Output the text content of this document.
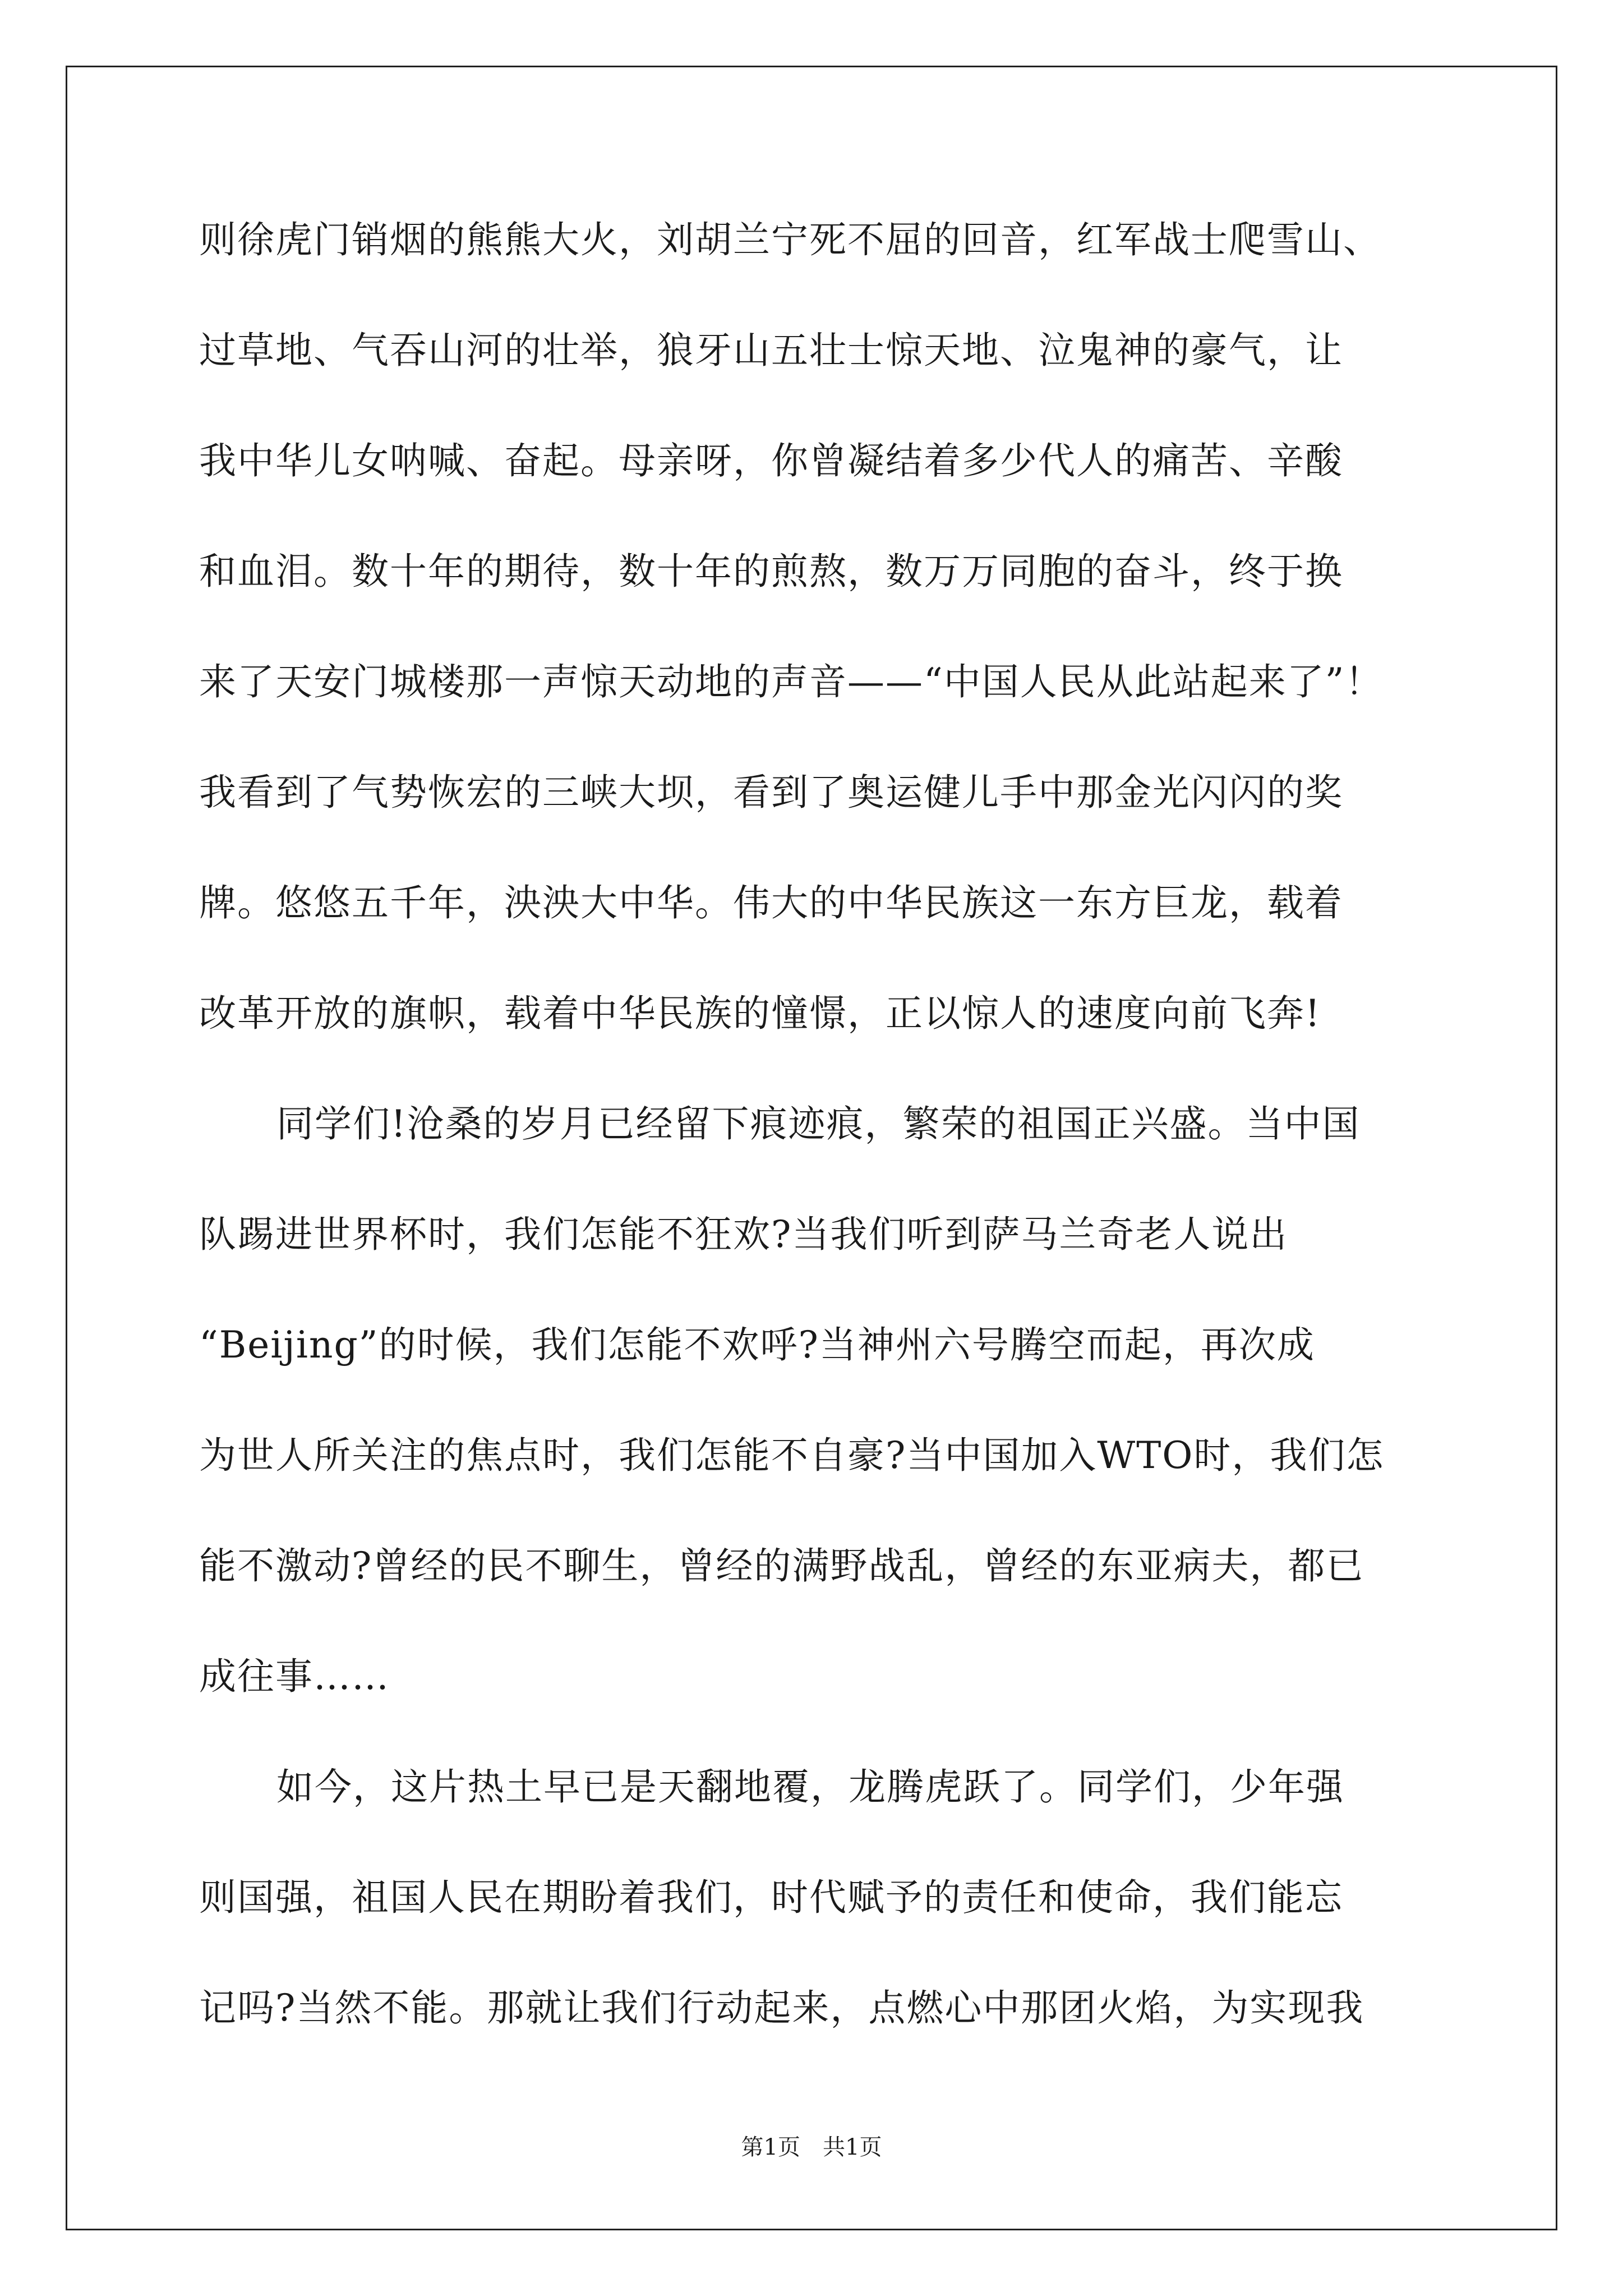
则徐虎门销烟的熊熊大火，刘胡兰宁死不屈的回音，红军战士爬雪山、
过草地、气吞山河的壮举，狼牙山五壮士惊天地、泣鬼神的豪气，让
我中华儿女呐喊、奋起。母亲呀，你曾凝结着多少代人的痛苦、辛酸
和血泪。数十年的期待，数十年的煎熬，数万万同胞的奋斗，终于换
来了天安门城楼那一声惊天动地的声音——“中国人民从此站起来了”！
我看到了气势恢宏的三峡大坝，看到了奥运健儿手中那金光闪闪的奖
牌。悠悠五千年，泱泱大中华。伟大的中华民族这一东方巨龙，载着
改革开放的旗帜，载着中华民族的憧憬，正以惊人的速度向前飞奔!
　同学们!沧桑的岁月已经留下痕迹痕，繁荣的祖国正兴盛。当中国
队踢进世界杯时，我们怎能不狂欢?当我们听到萨马兰奇老人说出
“Beijing”的时候，我们怎能不欢呼?当神州六号腾空而起，再次成
为世人所关注的焦点时，我们怎能不自豪?当中国加入WTO时，我们怎
能不激动?曾经的民不聊生，曾经的满野战乱，曾经的东亚病夫，都已
成往事……
　如今，这片热土早已是天翻地覆，龙腾虎跃了。同学们，少年强
则国强，祖国人民在期盼着我们，时代赋予的责任和使命，我们能忘
记吗?当然不能。那就让我们行动起来，点燃心中那团火焰，为实现我
第1页　共1页
